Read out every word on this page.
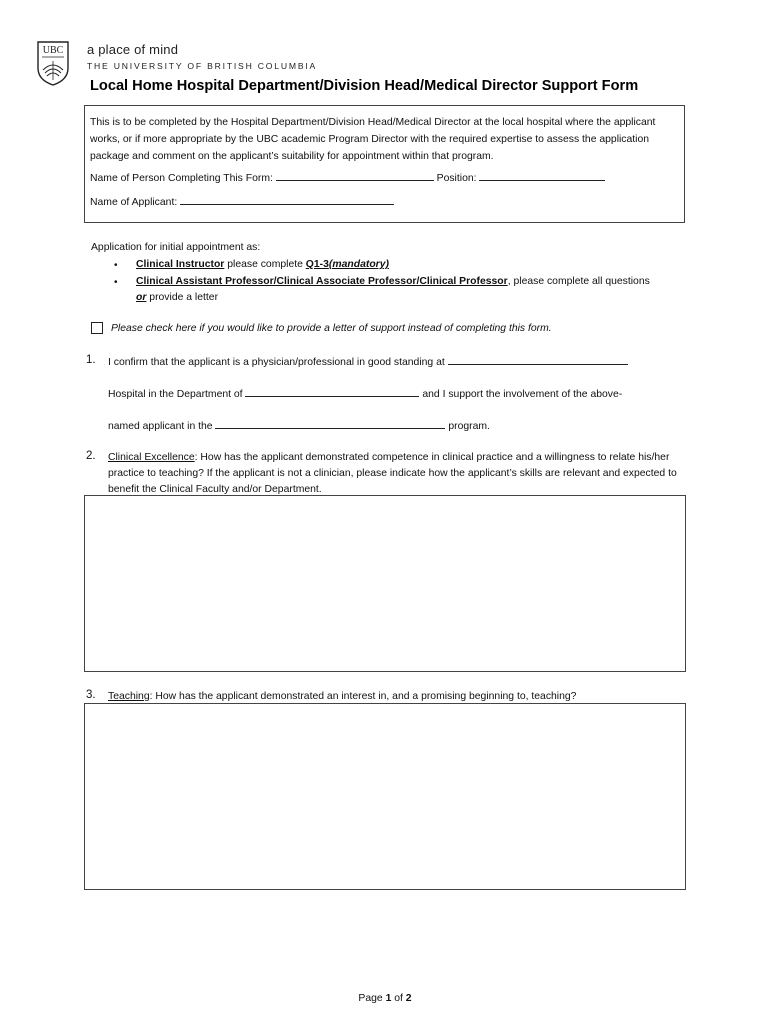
UBC a place of mind
THE UNIVERSITY OF BRITISH COLUMBIA
Local Home Hospital Department/Division Head/Medical Director Support Form
This is to be completed by the Hospital Department/Division Head/Medical Director at the local hospital where the applicant works, or if more appropriate by the UBC academic Program Director with the required expertise to assess the application package and comment on the applicant’s suitability for appointment within that program.
Name of Person Completing This Form:	Position:
Name of Applicant:
Application for initial appointment as:
• Clinical Instructor please complete Q1-3(mandatory)
• Clinical Assistant Professor/Clinical Associate Professor/Clinical Professor, please complete all questions
or provide a letter
Please check here if you would like to provide a letter of support instead of completing this form.
1. I confirm that the applicant is a physician/professional in good standing at
Hospital in the Department of	and I support the involvement of the above-
named applicant in the	program.
2. Clinical Excellence: How has the applicant demonstrated competence in clinical practice and a willingness to relate his/her practice to teaching? If the applicant is not a clinician, please indicate how the applicant’s skills are relevant and expected to benefit the Clinical Faculty and/or Department.
3. Teaching: How has the applicant demonstrated an interest in, and a promising beginning to, teaching?
Page 1 of 2
